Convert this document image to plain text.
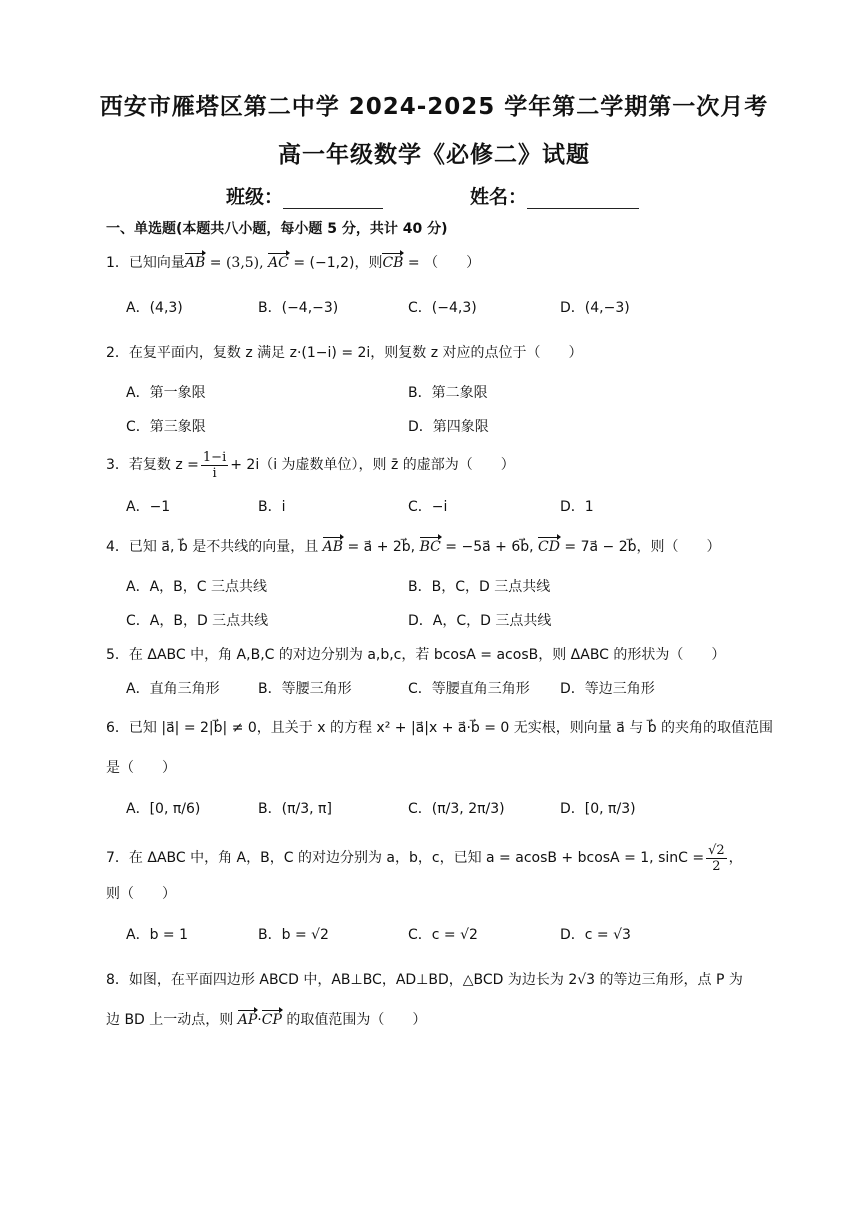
西安市雁塔区第二中学 2024-2025 学年第二学期第一次月考
高一年级数学《必修二》试题
班级：	姓名：
一、单选题(本题共八小题，每小题 5 分，共计 40 分)
1．已知向量AB = (3,5), AC = (−1,2)，则CB = （　　）
A．(4,3)	B．(−4,−3)	C．(−4,3)	D．(4,−3)
2．在复平面内，复数 z 满足 z·(1−i) = 2i，则复数 z 对应的点位于（　　）
A．第一象限	B．第二象限
C．第三象限	D．第四象限
3．若复数 $z = \frac{1-i}{i} + 2i(i$ 为虚数单位），则 z̄ 的虚部为（　　）
A．−1	B．i	C．−i	D．1
4．已知 a⃗, b⃗ 是不共线的向量，且 AB = a⃗ + 2b⃗, BC = −5a⃗ + 6b⃗, CD = 7a⃗ − 2b⃗，则（　　）
A．A，B，C 三点共线	B．B，C，D 三点共线
C．A，B，D 三点共线	D．A，C，D 三点共线
5．在 ΔABC 中，角 A,B,C 的对边分别为 a,b,c，若 bcosA = acosB，则 ΔABC 的形状为（　　）
A．直角三角形	B．等腰三角形	C．等腰直角三角形 D．等边三角形
6．已知 |a⃗| = 2|b⃗| ≠ 0，且关于 x 的方程 x² + |a⃗|x + a⃗·b⃗ = 0 无实根，则向量 a⃗ 与 b⃗ 的夹角的取值范围
是（　　）
A．[0, π/6)	B．(π/3, π]	C．(π/3, 2π/3)	D．[0, π/3)
7．在 ΔABC 中，角 A，B，C 的对边分别为 a，b，c，已知 a = acosB + bcosA = 1, $\sin C = \frac{√2}{2}$ ，
则（　　）
A．b = 1	B．b = √2	C．c = √2	D．c = √3
8．如图，在平面四边形 ABCD 中，AB⊥BC，AD⊥BD，△BCD 为边长为 2√3 的等边三角形，点 P 为
边 BD 上一动点，则 AP·CP 的取值范围为（　　）
